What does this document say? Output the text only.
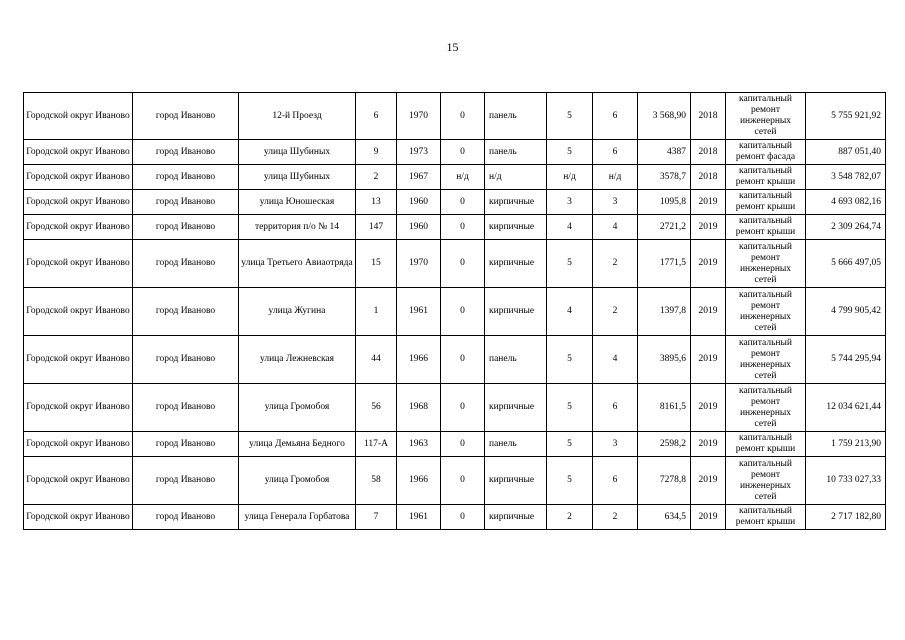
15
Городской округ Иваново	город Иваново	12-й Проезд	6	1970	0	панель	5	6	3 568,90	2018	капитальный ремонт инженерных сетей	5 755 921,92
Городской округ Иваново	город Иваново	улица Шубиных	9	1973	0	панель	5	6	4387	2018	капитальный ремонт фасада	887 051,40
Городской округ Иваново	город Иваново	улица Шубиных	2	1967	н/д	н/д	н/д	н/д	3578,7	2018	капитальный ремонт крыши	3 548 782,07
Городской округ Иваново	город Иваново	улица Юношеская	13	1960	0	кирпичные	3	3	1095,8	2019	капитальный ремонт крыши	4 693 082,16
Городской округ Иваново	город Иваново	территория п/о № 14	147	1960	0	кирпичные	4	4	2721,2	2019	капитальный ремонт крыши	2 309 264,74
Городской округ Иваново	город Иваново	улица Третьего Авиаотряда	15	1970	0	кирпичные	5	2	1771,5	2019	капитальный ремонт инженерных сетей	5 666 497,05
Городской округ Иваново	город Иваново	улица Жугина	1	1961	0	кирпичные	4	2	1397,8	2019	капитальный ремонт инженерных сетей	4 799 905,42
Городской округ Иваново	город Иваново	улица Лежневская	44	1966	0	панель	5	4	3895,6	2019	капитальный ремонт инженерных сетей	5 744 295,94
Городской округ Иваново	город Иваново	улица Громобоя	56	1968	0	кирпичные	5	6	8161,5	2019	капитальный ремонт инженерных сетей	12 034 621,44
Городской округ Иваново	город Иваново	улица Демьяна Бедного	117-А	1963	0	панель	5	3	2598,2	2019	капитальный ремонт крыши	1 759 213,90
Городской округ Иваново	город Иваново	улица Громобоя	58	1966	0	кирпичные	5	6	7278,8	2019	капитальный ремонт инженерных сетей	10 733 027,33
Городской округ Иваново	город Иваново	улица Генерала Горбатова	7	1961	0	кирпичные	2	2	634,5	2019	капитальный ремонт крыши	2 717 182,80
